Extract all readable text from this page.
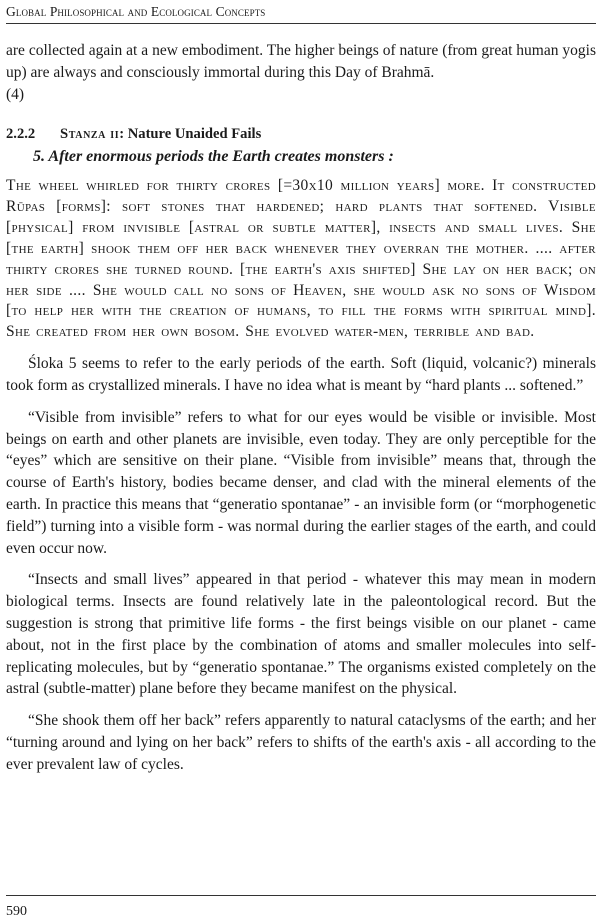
Global Philosophical and Ecological Concepts

are collected again at a new embodiment. The higher beings of nature (from great human yogis up) are always and consciously immortal during this Day of Brahmā.

(4)

2.2.2 Stanza ii: Nature Unaided Fails

5. After enormous periods the Earth creates monsters :

The wheel whirled for thirty crores [=30x10 million years] more. It constructed Rūpas [forms]: soft stones that hardened; hard plants that softened. Visible [physical] from invisible [astral or subtle matter], insects and small lives. She [the earth] shook them off her back whenever they overran the mother. .... after thirty crores she turned round. [the earth's axis shifted] She lay on her back; on her side .... She would call no sons of Heaven, she would ask no sons of Wisdom [to help her with the creation of humans, to fill the forms with spiritual mind]. She created from her own bosom. She evolved water-men, terrible and bad.

Śloka 5 seems to refer to the early periods of the earth. Soft (liquid, volcanic?) minerals took form as crystallized minerals. I have no idea what is meant by “hard plants ... softened.”

“Visible from invisible” refers to what for our eyes would be visible or invisible. Most beings on earth and other planets are invisible, even today. They are only perceptible for the “eyes” which are sensitive on their plane. “Visible from invisible” means that, through the course of Earth's history, bodies became denser, and clad with the mineral elements of the earth. In practice this means that “generatio spontanae” - an invisible form (or “morphogenetic field”) turning into a visible form - was normal during the earlier stages of the earth, and could even occur now.

“Insects and small lives” appeared in that period - whatever this may mean in modern biological terms. Insects are found relatively late in the paleontological record. But the suggestion is strong that primitive life forms - the first beings visible on our planet - came about, not in the first place by the combination of atoms and smaller molecules into self-replicating molecules, but by “generatio spontanae.” The organisms existed completely on the astral (subtle-matter) plane before they became manifest on the physical.

“She shook them off her back” refers apparently to natural cataclysms of the earth; and her “turning around and lying on her back” refers to shifts of the earth's axis - all according to the ever prevalent law of cycles.

590
